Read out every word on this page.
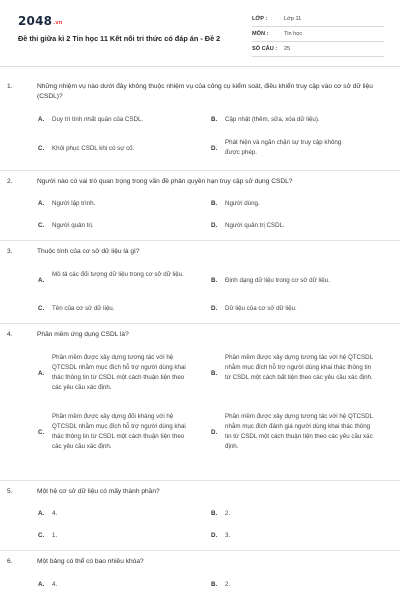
$2048^{.vn}$
Đề thi giữa kì 2 Tin học 11 Kết nối tri thức có đáp án - Đề 2
LỚP :	Lớp 11
MÔN :	Tin học
SỐ CÂU : 25
1.	Những nhiệm vụ nào dưới đây không thuộc nhiệm vụ của công cụ kiểm soát, điều khiển truy cập vào cơ sở dữ liệu (CSDL)?
A. Duy trì tính nhất quán của CSDL.	B. Cập nhật (thêm, sửa, xóa dữ liệu).
C. Khôi phục CSDL khi có sự cố.	D.
Phát hiện và ngăn chặn sự truy cập không được phép.
2.	Người nào có vai trò quan trọng trong vấn đề phân quyền hạn truy cập sử dụng CSDL?
A. Người lập trình.	B. Người dùng.
C. Người quản trị.	D. Người quản trị CSDL.
3.	Thuộc tính của cơ sở dữ liệu là gì?
A.
Mô tả các đối tượng dữ liệu trong cơ sở dữ liệu.
B. Định dạng dữ liệu trong cơ sở dữ liệu.
C. Tên của cơ sở dữ liệu.	D. Dữ liệu của cơ sở dữ liệu.
4.	Phần mềm ứng dụng CSDL là?
A.
Phần mềm được xây dựng tương tác với hệ QTCSDL nhằm mục đích hỗ trợ người dùng khai thác thông tin từ CSDL một cách thuận tiện theo các yêu cầu xác định.
B.
Phần mềm được xây dựng tương tác với hệ QTCSDL nhằm mục đích hỗ trợ người dùng khai thác thông tin từ CSDL một cách bất tiện theo các yêu cầu xác định.
C.
Phần mềm được xây dựng đối kháng với hệ QTCSDL nhằm mục đích hỗ trợ người dùng khai thác thông tin từ CSDL một cách thuận tiện theo các yêu cầu xác định.
D.
Phần mềm được xây dựng tương tác với hệ QTCSDL nhằm mục đích đánh giá người dùng khai thác thông tin từ CSDL một cách thuận tiện theo các yêu cầu xác định.
5.	Một hệ cơ sở dữ liệu có mấy thành phần?
A. 4.	B. 2.
C. 1.	D. 3.
6.	Một bảng có thể có bao nhiêu khóa?
A. 4.	B. 2.
